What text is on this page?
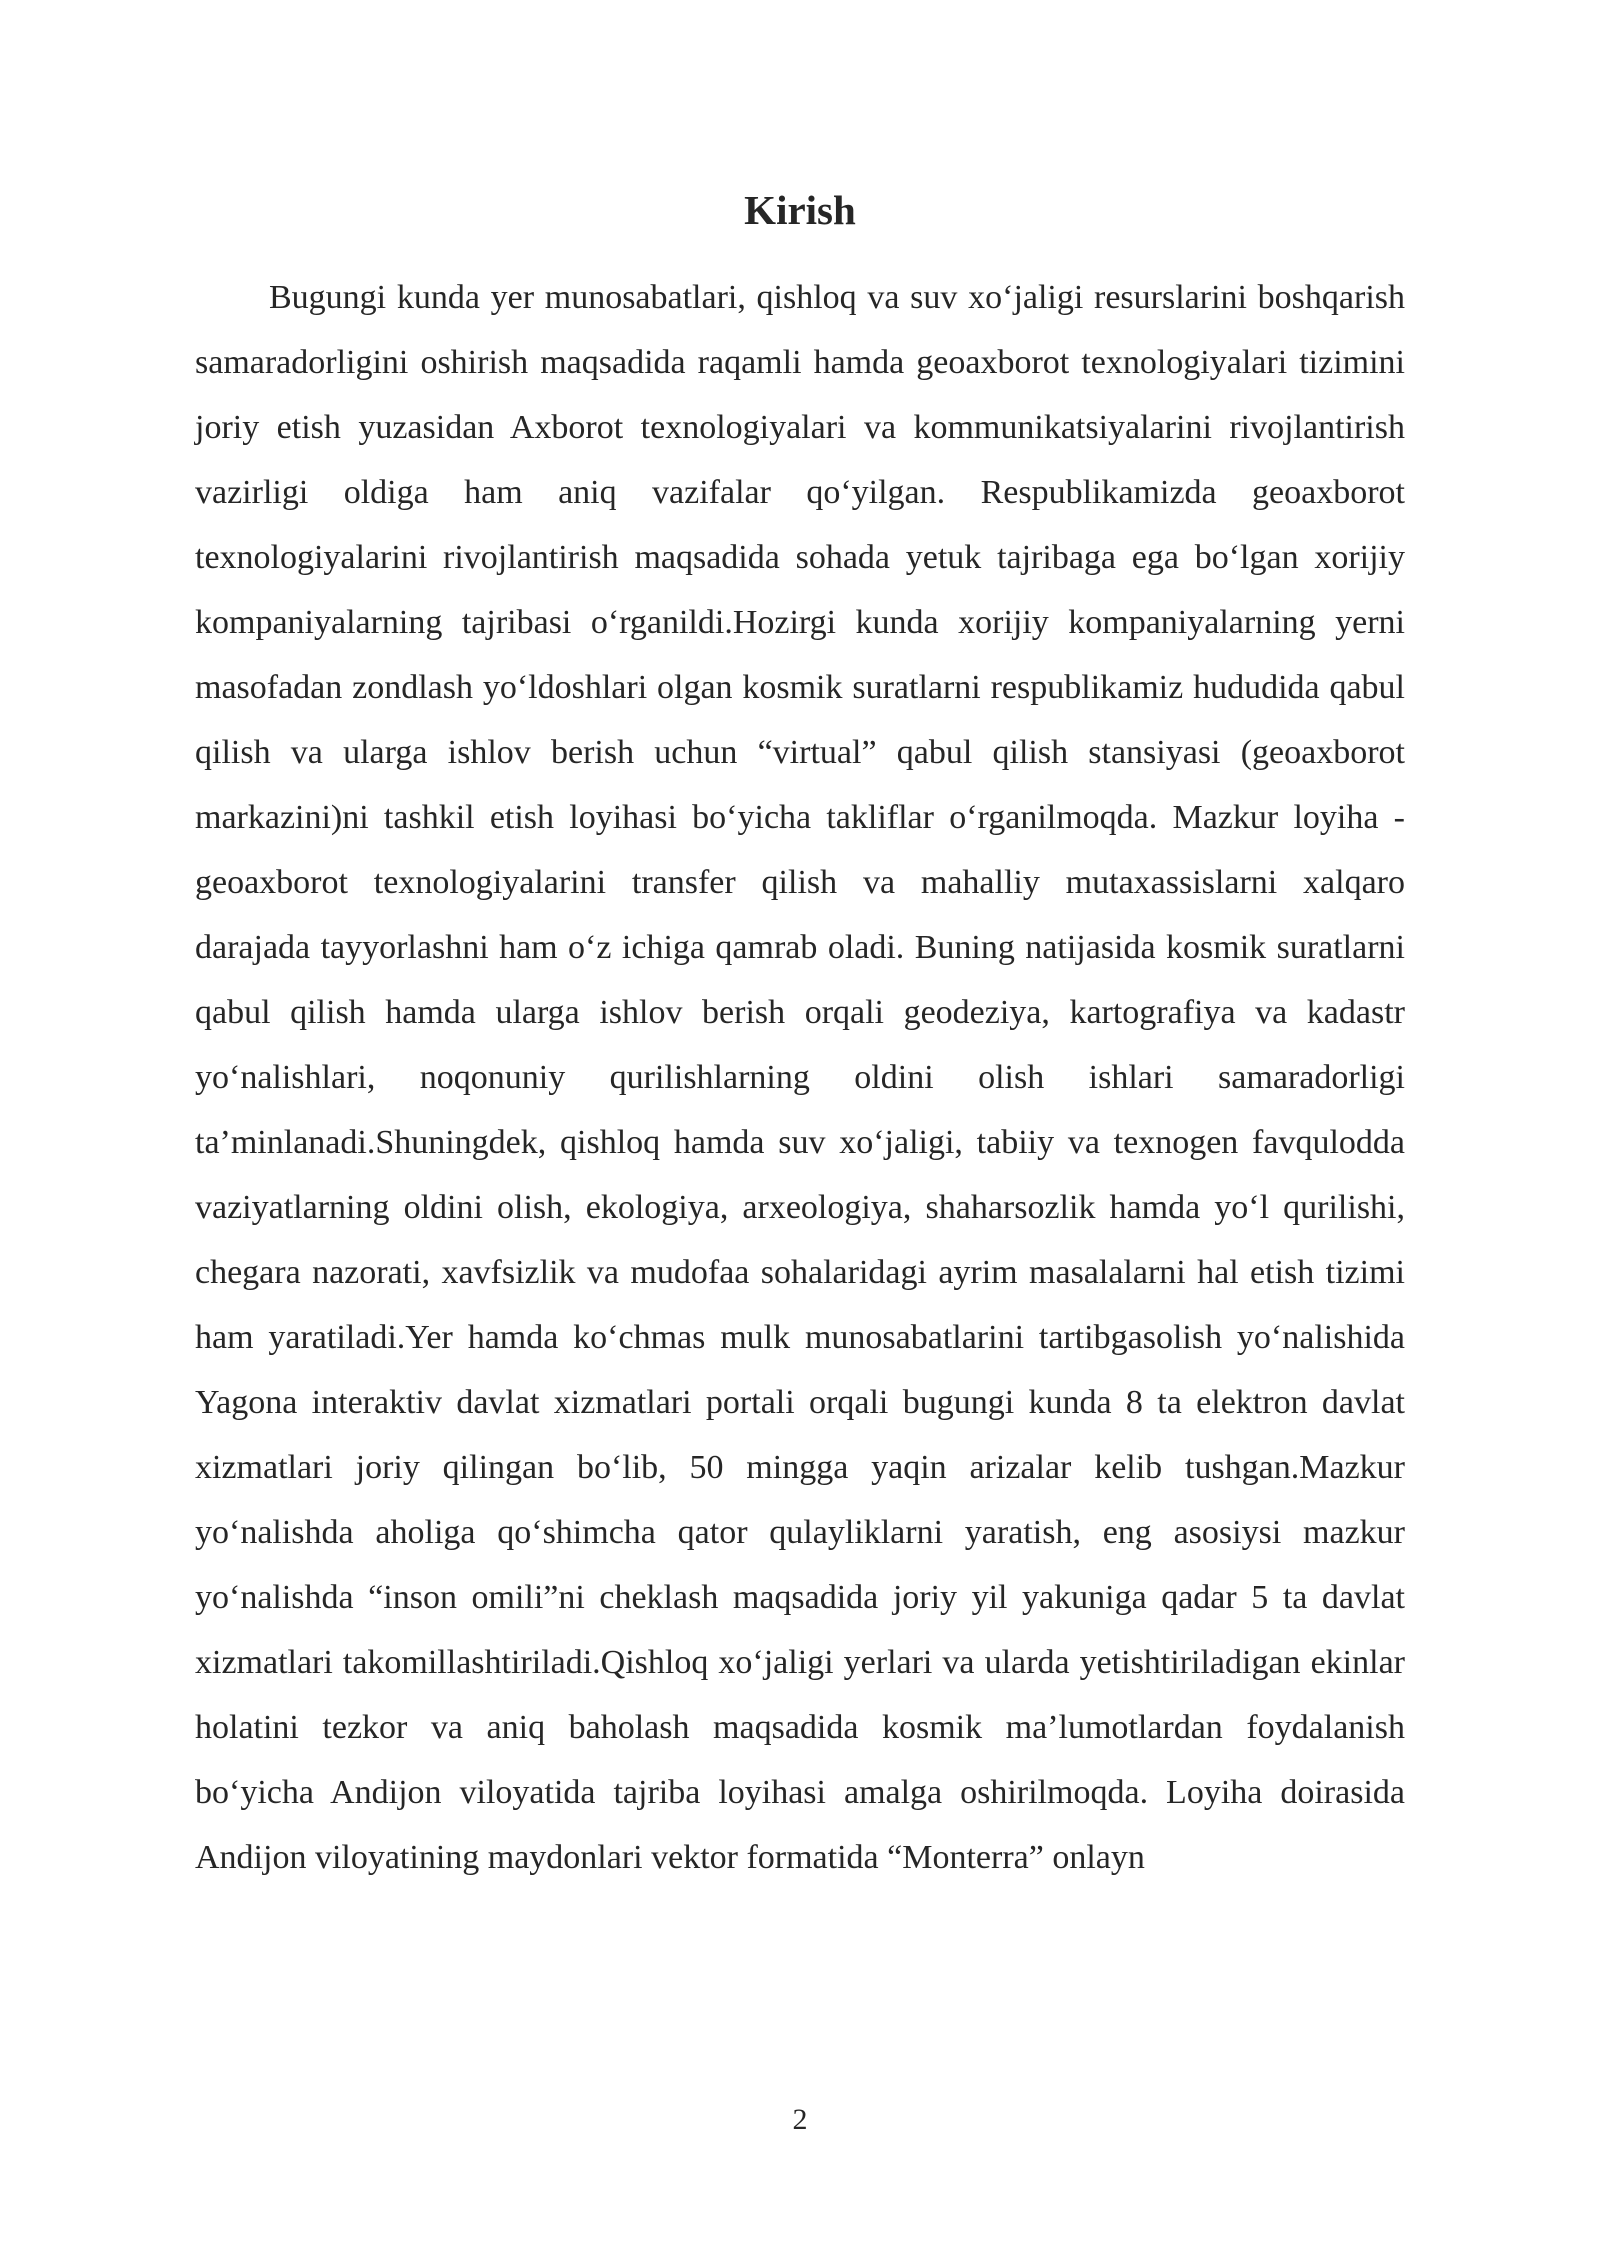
Kirish

Bugungi kunda yer munosabatlari, qishloq va suv xo‘jaligi resurslarini boshqarish samaradorligini oshirish maqsadida raqamli hamda geoaxborot texnologiyalari tizimini joriy etish yuzasidan Axborot texnologiyalari va kommunikatsiyalarini rivojlantirish vazirligi oldiga ham aniq vazifalar qo‘yilgan. Respublikamizda geoaxborot texnologiyalarini rivojlantirish maqsadida sohada yetuk tajribaga ega bo‘lgan xorijiy kompaniyalarning tajribasi o‘rganildi.Hozirgi kunda xorijiy kompaniyalarning yerni masofadan zondlash yo‘ldoshlari olgan kosmik suratlarni respublikamiz hududida qabul qilish va ularga ishlov berish uchun “virtual” qabul qilish stansiyasi (geoaxborot markazini)ni tashkil etish loyihasi bo‘yicha takliflar o‘rganilmoqda. Mazkur loyiha - geoaxborot texnologiyalarini transfer qilish va mahalliy mutaxassislarni xalqaro darajada tayyorlashni ham o‘z ichiga qamrab oladi. Buning natijasida kosmik suratlarni qabul qilish hamda ularga ishlov berish orqali geodeziya, kartografiya va kadastr yo‘nalishlari, noqonuniy qurilishlarning oldini olish ishlari samaradorligi ta’minlanadi.Shuningdek, qishloq hamda suv xo‘jaligi, tabiiy va texnogen favqulodda vaziyatlarning oldini olish, ekologiya, arxeologiya, shaharsozlik hamda yo‘l qurilishi, chegara nazorati, xavfsizlik va mudofaa sohalaridagi ayrim masalalarni hal etish tizimi ham yaratiladi.Yer hamda ko‘chmas mulk munosabatlarini tartibgasolish yo‘nalishida Yagona interaktiv davlat xizmatlari portali orqali bugungi kunda 8 ta elektron davlat xizmatlari joriy qilingan bo‘lib, 50 mingga yaqin arizalar kelib tushgan.Mazkur yo‘nalishda aholiga qo‘shimcha qator qulayliklarni yaratish, eng asosiysi mazkur yo‘nalishda “inson omili”ni cheklash maqsadida joriy yil yakuniga qadar 5 ta davlat xizmatlari takomillashtiriladi.Qishloq xo‘jaligi yerlari va ularda yetishtiriladigan ekinlar holatini tezkor va aniq baholash maqsadida kosmik ma’lumotlardan foydalanish bo‘yicha Andijon viloyatida tajriba loyihasi amalga oshirilmoqda. Loyiha doirasida Andijon viloyatining maydonlari vektor formatida “Monterra” onlayn

2
